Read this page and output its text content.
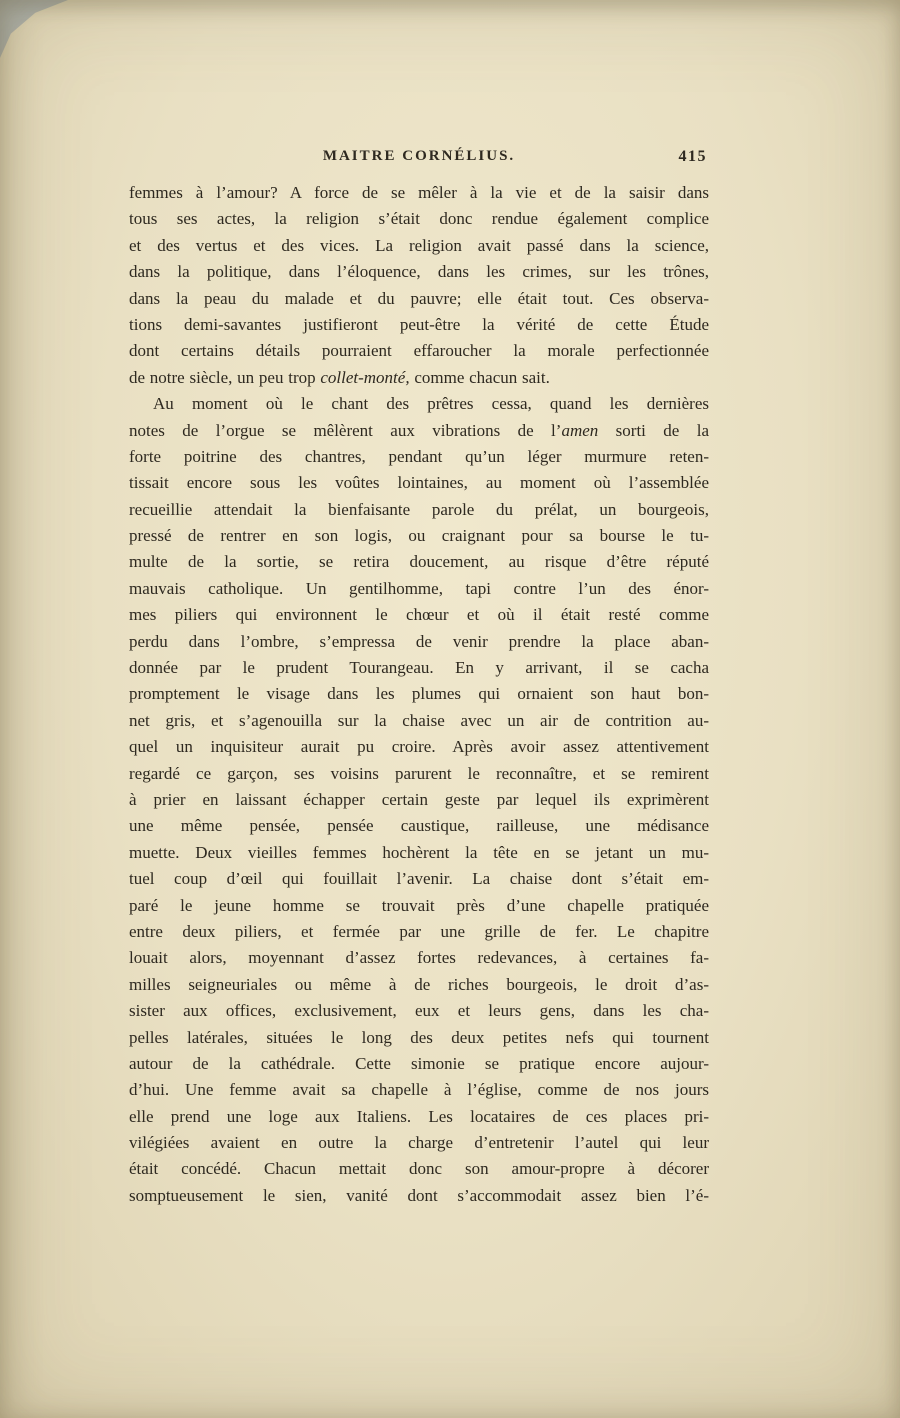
MAITRE CORNÉLIUS.	415
femmes à l’amour? A force de se mêler à la vie et de la saisir dans
tous ses actes, la religion s’était donc rendue également complice
et des vertus et des vices. La religion avait passé dans la science,
dans la politique, dans l’éloquence, dans les crimes, sur les trônes,
dans la peau du malade et du pauvre; elle était tout. Ces observa-
tions demi-savantes justifieront peut-être la vérité de cette Étude
dont certains détails pourraient effaroucher la morale perfectionnée
de notre siècle, un peu trop collet-monté, comme chacun sait.
Au moment où le chant des prêtres cessa, quand les dernières
notes de l’orgue se mêlèrent aux vibrations de l’amen sorti de la
forte poitrine des chantres, pendant qu’un léger murmure reten-
tissait encore sous les voûtes lointaines, au moment où l’assemblée
recueillie attendait la bienfaisante parole du prélat, un bourgeois,
pressé de rentrer en son logis, ou craignant pour sa bourse le tu-
multe de la sortie, se retira doucement, au risque d’être réputé
mauvais catholique. Un gentilhomme, tapi contre l’un des énor-
mes piliers qui environnent le chœur et où il était resté comme
perdu dans l’ombre, s’empressa de venir prendre la place aban-
donnée par le prudent Tourangeau. En y arrivant, il se cacha
promptement le visage dans les plumes qui ornaient son haut bon-
net gris, et s’agenouilla sur la chaise avec un air de contrition au-
quel un inquisiteur aurait pu croire. Après avoir assez attentivement
regardé ce garçon, ses voisins parurent le reconnaître, et se remirent
à prier en laissant échapper certain geste par lequel ils exprimèrent
une même pensée, pensée caustique, railleuse, une médisance
muette. Deux vieilles femmes hochèrent la tête en se jetant un mu-
tuel coup d’œil qui fouillait l’avenir. La chaise dont s’était em-
paré le jeune homme se trouvait près d’une chapelle pratiquée
entre deux piliers, et fermée par une grille de fer. Le chapitre
louait alors, moyennant d’assez fortes redevances, à certaines fa-
milles seigneuriales ou même à de riches bourgeois, le droit d’as-
sister aux offices, exclusivement, eux et leurs gens, dans les cha-
pelles latérales, situées le long des deux petites nefs qui tournent
autour de la cathédrale. Cette simonie se pratique encore aujour-
d’hui. Une femme avait sa chapelle à l’église, comme de nos jours
elle prend une loge aux Italiens. Les locataires de ces places pri-
vilégiées avaient en outre la charge d’entretenir l’autel qui leur
était concédé. Chacun mettait donc son amour-propre à décorer
somptueusement le sien, vanité dont s’accommodait assez bien l’é-
